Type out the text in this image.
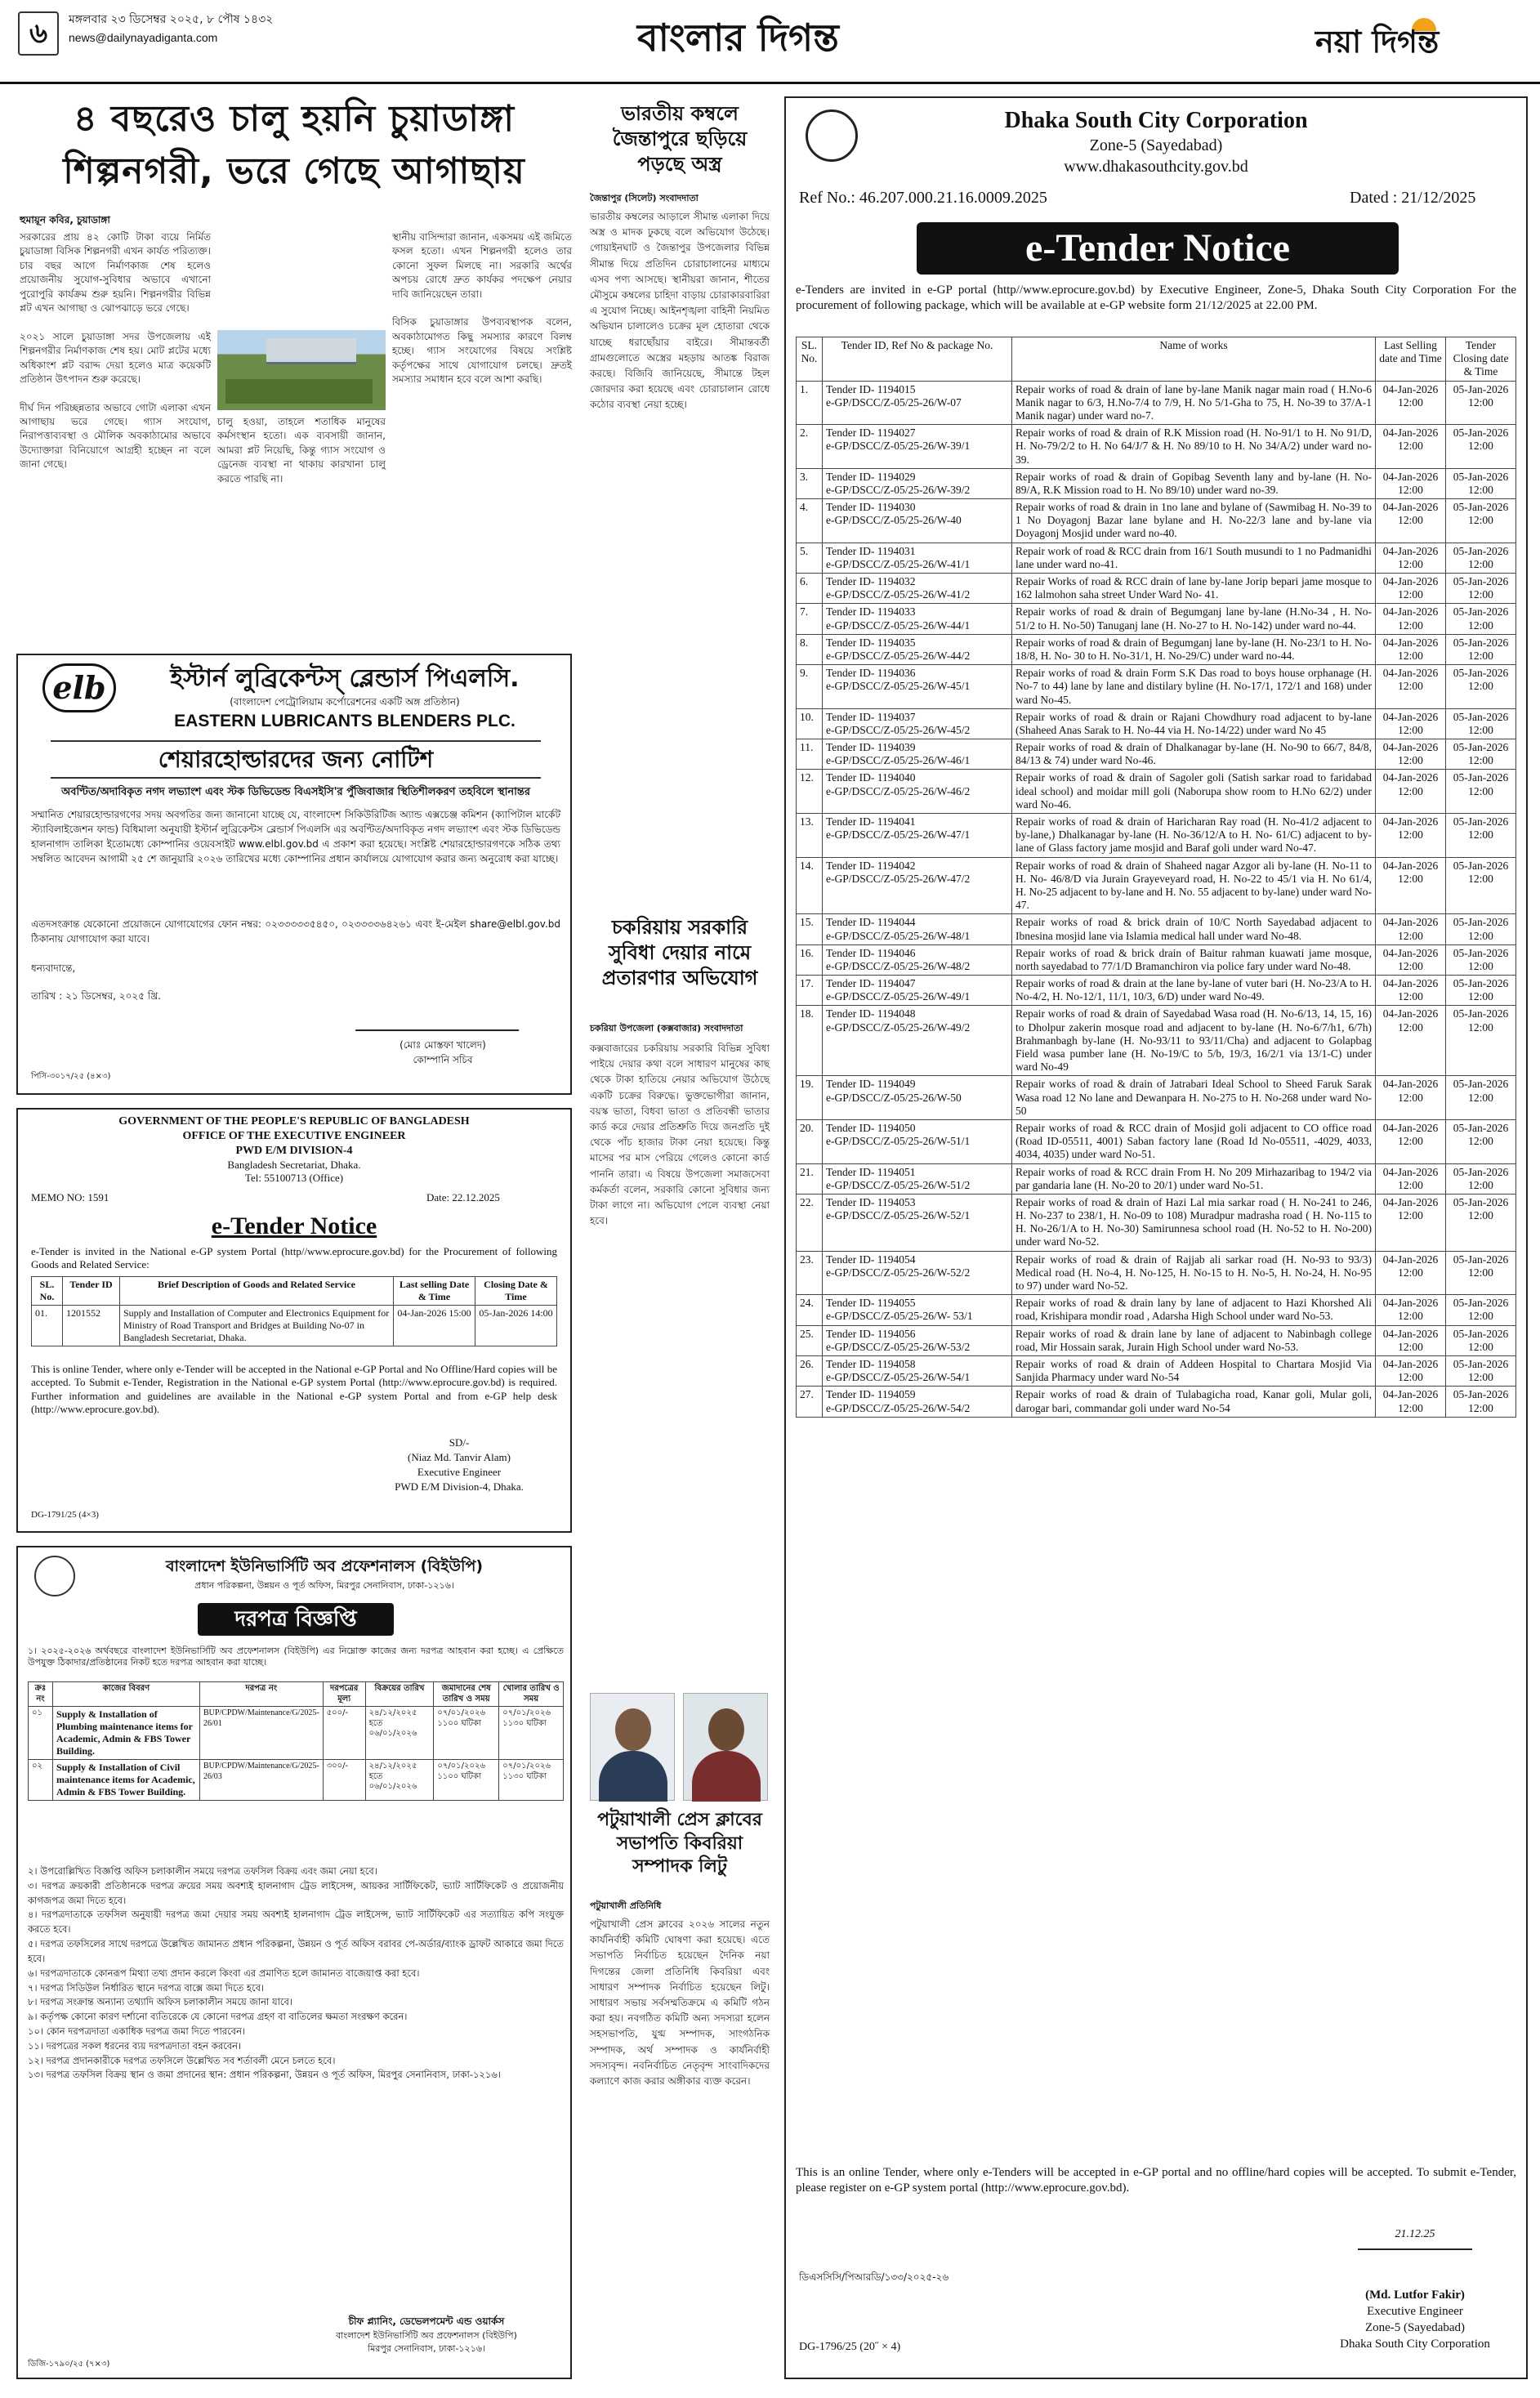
৬	মঙ্গলবার ২৩ ডিসেম্বর ২০২৫, ৮ পৌষ ১৪৩২
news@dailynayadiganta.com	বাংলার দিগন্ত	নয়া দিগন্ত
৪ বছরেও চালু হয়নি চুয়াডাঙ্গা
শিল্পনগরী, ভরে গেছে আগাছায়
হুমায়ূন কবির, চুয়াডাঙ্গা

সরকারের প্রায় ৪২ কোটি টাকা ব্যয়ে নির্মিত চুয়াডাঙ্গা বিসিক শিল্পনগরী এখন কার্যত পরিত্যক্ত। চার বছর আগে নির্মাণকাজ শেষ হলেও প্রয়োজনীয় সুযোগ-সুবিধার অভাবে এখানো পুরোপুরি কার্যক্রম শুরু হয়নি। শিল্পনগরীর বিভিন্ন প্লট এখন আগাছা ও ঝোপঝাড়ে ভরে গেছে।

২০২১ সালে চুয়াডাঙ্গা সদর উপজেলায় এই শিল্পনগরীর নির্মাণকাজ শেষ হয়। মোট প্লটের মধ্যে অধিকাংশ প্লট বরাদ্দ দেয়া হলেও মাত্র কয়েকটি প্রতিষ্ঠান উৎপাদন শুরু করেছে।

দীর্ঘ দিন পরিচ্ছন্নতার অভাবে গোটা এলাকা এখন আগাছায় ভরে গেছে। গ্যাস সংযোগ, নিরাপত্তাব্যবস্থা ও মৌলিক অবকাঠামোর অভাবে উদ্যোক্তারা বিনিয়োগে আগ্রহী হচ্ছেন না বলে জানা গেছে।

চালু হওয়া, তাহলে শতাধিক মানুষের কর্মসংস্থান হতো। এক ব্যবসায়ী জানান, আমরা প্লট নিয়েছি, কিন্তু গ্যাস সংযোগ ও ড্রেনেজ ব্যবস্থা না থাকায় কারখানা চালু করতে পারছি না।

স্থানীয় বাসিন্দারা জানান, একসময় এই জমিতে ফসল হতো। এখন শিল্পনগরী হলেও তার কোনো সুফল মিলছে না। সরকারি অর্থের অপচয় রোধে দ্রুত কার্যকর পদক্ষেপ নেয়ার দাবি জানিয়েছেন তারা।

বিসিক চুয়াডাঙ্গার উপব্যবস্থাপক বলেন, অবকাঠামোগত কিছু সমস্যার কারণে বিলম্ব হচ্ছে। গ্যাস সংযোগের বিষয়ে সংশ্লিষ্ট কর্তৃপক্ষের সাথে যোগাযোগ চলছে। দ্রুতই সমস্যার সমাধান হবে বলে আশা করছি।

elb	ইস্টার্ন লুব্রিকেন্টস্ ব্লেন্ডার্স পিএলসি.
(বাংলাদেশ পেট্রোলিয়াম কর্পোরেশনের একটি অঙ্গ প্রতিষ্ঠান)
EASTERN LUBRICANTS BLENDERS PLC.
শেয়ারহোল্ডারদের জন্য নোটিশ
অবণ্টিত/অদাবিকৃত নগদ লভ্যাংশ এবং স্টক ডিভিডেন্ড বিএসইসি'র পুঁজিবাজার স্থিতিশীলকরণ তহবিলে স্থানান্তর
সম্মানিত শেয়ারহোল্ডারগণের সদয় অবগতির জন্য জানানো যাচ্ছে যে, বাংলাদেশ সিকিউরিটিজ অ্যান্ড এক্সচেঞ্জ কমিশন (ক্যাপিটাল মার্কেট স্ট্যাবিলাইজেশন ফান্ড) বিধিমালা অনুযায়ী ইস্টার্ন লুব্রিকেন্টস ব্লেন্ডার্স পিএলসি এর অবণ্টিত/অদাবিকৃত নগদ লভ্যাংশ এবং স্টক ডিভিডেন্ড হালনাগাদ তালিকা ইতোমধ্যে কোম্পানির ওয়েবসাইট www.elbl.gov.bd এ প্রকাশ করা হয়েছে। সংশ্লিষ্ট শেয়ারহোল্ডারগণকে সঠিক তথ্য সম্বলিত আবেদন আগামী ২৫ শে জানুয়ারি ২০২৬ তারিখের মধ্যে কোম্পানির প্রধান কার্যালয়ে যোগাযোগ করার জন্য অনুরোধ করা যাচ্ছে।
এতদসংক্রান্ত যেকোনো প্রয়োজনে যোগাযোগের ফোন নম্বর: ০২৩৩৩৩৩৫৪৫০, ০২৩৩৩৩৬৪২৬১ এবং ই-মেইল share@elbl.gov.bd ঠিকানায় যোগাযোগ করা যাবে।
ধন্যবাদান্তে,
তারিখ : ২১ ডিসেম্বর, ২০২৫ খ্রি.
(মোঃ মোস্তফা খালেদ)
কোম্পানি সচিব
পিসি-৩০১৭/২৫ (৪×৩)
GOVERNMENT OF THE PEOPLE'S REPUBLIC OF BANGLADESH
OFFICE OF THE EXECUTIVE ENGINEER
PWD E/M DIVISION-4
Bangladesh Secretariat, Dhaka.
Tel: 55100713 (Office)
MEMO NO: 1591	Date: 22.12.2025
e-Tender Notice
e-Tender is invited in the National e-GP system Portal (http//www.eprocure.gov.bd) for the Procurement of following Goods and Related Service:
SL. No.	Tender ID	Brief Description of Goods and Related Service	Last selling Date & Time	Closing Date & Time
01.	1201552	Supply and Installation of Computer and Electronics Equipment for Ministry of Road Transport and Bridges at Building No-07 in Bangladesh Secretariat, Dhaka.	04-Jan-2026 15:00	05-Jan-2026 14:00
This is online Tender, where only e-Tender will be accepted in the National e-GP Portal and No Offline/Hard copies will be accepted. To Submit e-Tender, Registration in the National e-GP system Portal (http://www.eprocure.gov.bd) is required. Further information and guidelines are available in the National e-GP system Portal and from e-GP help desk (http://www.eprocure.gov.bd).
SD/-
(Niaz Md. Tanvir Alam)
Executive Engineer
PWD E/M Division-4, Dhaka.
DG-1791/25 (4×3)
বাংলাদেশ ইউনিভার্সিটি অব প্রফেশনালস (বিইউপি)
প্রধান পরিকল্পনা, উন্নয়ন ও পূর্ত অফিস, মিরপুর সেনানিবাস, ঢাকা-১২১৬।
দরপত্র বিজ্ঞপ্তি
১। ২০২৫-২০২৬ অর্থবছরে বাংলাদেশ ইউনিভার্সিটি অব প্রফেশনালস (বিইউপি) এর নিম্নোক্ত কাজের জন্য দরপত্র আহবান করা হচ্ছে। এ প্রেক্ষিতে উপযুক্ত ঠিকাদার/প্রতিষ্ঠানের নিকট হতে দরপত্র আহবান করা যাচ্ছে।
ক্রঃ নং	কাজের বিবরণ	দরপত্র নং	দরপত্রের মূল্য	বিক্রয়ের তারিখ	জমাদানের শেষ তারিখ ও সময়	খোলার তারিখ ও সময়
০১	Supply & Installation of Plumbing maintenance items for Academic, Admin & FBS Tower Building.	BUP/CPDW/Maintenance/G/2025-26/01	৫০০/-	২৪/১২/২০২৫ হতে ০৬/০১/২০২৬	০৭/০১/২০২৬ ১১০০ ঘটিকা	০৭/০১/২০২৬ ১১৩০ ঘটিকা
০২	Supply & Installation of Civil maintenance items for Academic, Admin & FBS Tower Building.	BUP/CPDW/Maintenance/G/2025-26/03	৩০০/-	২৪/১২/২০২৫ হতে ০৬/০১/২০২৬	০৭/০১/২০২৬ ১১০০ ঘটিকা	০৭/০১/২০২৬ ১১৩০ ঘটিকা

২। উপরোল্লিখিত বিজ্ঞপ্তি অফিস চলাকালীন সময়ে দরপত্র তফসিল বিক্রয় এবং জমা নেয়া হবে।

৩। দরপত্র ক্রয়কারী প্রতিষ্ঠানকে দরপত্র ক্রয়ের সময় অবশ্যই হালনাগাদ ট্রেড লাইসেন্স, আয়কর সার্টিফিকেট, ভ্যাট সার্টিফিকেট ও প্রয়োজনীয় কাগজপত্র জমা দিতে হবে।

৪। দরপত্রদাতাকে তফসিল অনুযায়ী দরপত্র জমা দেয়ার সময় অবশ্যই হালনাগাদ ট্রেড লাইসেন্স, ভ্যাট সার্টিফিকেট এর সত্যায়িত কপি সংযুক্ত করতে হবে।

৫। দরপত্র তফসিলের সাথে দরপত্রে উল্লেখিত জামানত প্রধান পরিকল্পনা, উন্নয়ন ও পূর্ত অফিস বরাবর পে-অর্ডার/ব্যাংক ড্রাফট আকারে জমা দিতে হবে।

৬। দরপত্রদাতাকে কোনরূপ মিথ্যা তথ্য প্রদান করলে কিংবা এর প্রমাণিত হলে জামানত বাজেয়াপ্ত করা হবে।

৭। দরপত্র সিডিউল নির্ধারিত স্থানে দরপত্র বাক্সে জমা দিতে হবে।

৮। দরপত্র সংক্রান্ত অন্যান্য তথ্যাদি অফিস চলাকালীন সময়ে জানা যাবে।

৯। কর্তৃপক্ষ কোনো কারণ দর্শানো ব্যতিরেকে যে কোনো দরপত্র গ্রহণ বা বাতিলের ক্ষমতা সংরক্ষণ করেন।

১০। কোন দরপত্রদাতা একাধিক দরপত্র জমা দিতে পারবেন।

১১। দরপত্রের সকল ধরনের ব্যয় দরপত্রদাতা বহন করবেন।

১২। দরপত্র প্রদানকারীকে দরপত্র তফসিলে উল্লেখিত সব শর্তাবলী মেনে চলতে হবে।

১৩। দরপত্র তফসিল বিক্রয় স্থান ও জমা প্রদানের স্থান: প্রধান পরিকল্পনা, উন্নয়ন ও পূর্ত অফিস, মিরপুর সেনানিবাস, ঢাকা-১২১৬।

চীফ প্ল্যানিং, ডেভেলপমেন্ট এন্ড ওয়ার্কস
বাংলাদেশ ইউনিভার্সিটি অব প্রফেশনালস (বিইউপি)
মিরপুর সেনানিবাস, ঢাকা-১২১৬।
ডিজি-১৭৯০/২৫ (৭×৩)
ভারতীয় কম্বলে জৈন্তাপুরে ছড়িয়ে পড়ছে অস্ত্র
জৈন্তাপুর (সিলেট) সংবাদদাতা
ভারতীয় কম্বলের আড়ালে সীমান্ত এলাকা দিয়ে অস্ত্র ও মাদক ঢুকছে বলে অভিযোগ উঠেছে। গোয়াইনঘাট ও জৈন্তাপুর উপজেলার বিভিন্ন সীমান্ত দিয়ে প্রতিদিন চোরাচালানের মাধ্যমে এসব পণ্য আসছে। স্থানীয়রা জানান, শীতের মৌসুমে কম্বলের চাহিদা বাড়ায় চোরাকারবারিরা এ সুযোগ নিচ্ছে। আইনশৃঙ্খলা বাহিনী নিয়মিত অভিযান চালালেও চক্রের মূল হোতারা থেকে যাচ্ছে ধরাছোঁয়ার বাইরে। সীমান্তবর্তী গ্রামগুলোতে অস্ত্রের মহড়ায় আতঙ্ক বিরাজ করছে। বিজিবি জানিয়েছে, সীমান্তে টহল জোরদার করা হয়েছে এবং চোরাচালান রোধে কঠোর ব্যবস্থা নেয়া হচ্ছে।
চকরিয়ায় সরকারি সুবিধা দেয়ার নামে প্রতারণার অভিযোগ
চকরিয়া উপজেলা (কক্সবাজার) সংবাদদাতা
কক্সবাজারের চকরিয়ায় সরকারি বিভিন্ন সুবিধা পাইয়ে দেয়ার কথা বলে সাধারণ মানুষের কাছ থেকে টাকা হাতিয়ে নেয়ার অভিযোগ উঠেছে একটি চক্রের বিরুদ্ধে। ভুক্তভোগীরা জানান, বয়স্ক ভাতা, বিধবা ভাতা ও প্রতিবন্ধী ভাতার কার্ড করে দেয়ার প্রতিশ্রুতি দিয়ে জনপ্রতি দুই থেকে পাঁচ হাজার টাকা নেয়া হয়েছে। কিন্তু মাসের পর মাস পেরিয়ে গেলেও কোনো কার্ড পাননি তারা। এ বিষয়ে উপজেলা সমাজসেবা কর্মকর্তা বলেন, সরকারি কোনো সুবিধার জন্য টাকা লাগে না। অভিযোগ পেলে ব্যবস্থা নেয়া হবে।
পটুয়াখালী প্রেস ক্লাবের সভাপতি কিবরিয়া সম্পাদক লিটু
পটুয়াখালী প্রতিনিধি
পটুয়াখালী প্রেস ক্লাবের ২০২৬ সালের নতুন কার্যনির্বাহী কমিটি ঘোষণা করা হয়েছে। এতে সভাপতি নির্বাচিত হয়েছেন দৈনিক নয়া দিগন্তের জেলা প্রতিনিধি কিবরিয়া এবং সাধারণ সম্পাদক নির্বাচিত হয়েছেন লিটু। সাধারণ সভায় সর্বসম্মতিক্রমে এ কমিটি গঠন করা হয়। নবগঠিত কমিটি অন্য সদস্যরা হলেন সহসভাপতি, যুগ্ম সম্পাদক, সাংগঠনিক সম্পাদক, অর্থ সম্পাদক ও কার্যনির্বাহী সদস্যবৃন্দ। নবনির্বাচিত নেতৃবৃন্দ সাংবাদিকদের কল্যাণে কাজ করার অঙ্গীকার ব্যক্ত করেন।
Dhaka South City Corporation
Zone-5 (Sayedabad)
www.dhakasouthcity.gov.bd
Ref No.: 46.207.000.21.16.0009.2025	Dated : 21/12/2025
e-Tender Notice
e-Tenders are invited in e-GP portal (http//www.eprocure.gov.bd) by Executive Engineer, Zone-5, Dhaka South City Corporation For the procurement of following package, which will be available at e-GP website form 21/12/2025 at 22.00 PM.
SL. No.	Tender ID, Ref No & package No.	Name of works	Last Selling date and Time	Tender Closing date & Time

1.	Tender ID- 1194015
e-GP/DSCC/Z-05/25-26/W-07	Repair works of road & drain of lane by-lane Manik nagar main road ( H.No-6 Manik nagar to 6/3, H.No-7/4 to 7/9, H. No 5/1-Gha to 75, H. No-39 to 37/A-1 Manik nagar) under ward no-7.	04-Jan-2026 12:00	05-Jan-2026 12:00

2.	Tender ID- 1194027
e-GP/DSCC/Z-05/25-26/W-39/1	Repair works of road & drain of R.K Mission road (H. No-91/1 to H. No 91/D, H. No-79/2/2 to H. No 64/J/7 & H. No 89/10 to H. No 34/A/2) under ward no-39.	04-Jan-2026 12:00	05-Jan-2026 12:00

3.	Tender ID- 1194029
e-GP/DSCC/Z-05/25-26/W-39/2	Repair works of road & drain of Gopibag Seventh lany and by-lane (H. No-89/A, R.K Mission road to H. No 89/10) under ward no-39.	04-Jan-2026 12:00	05-Jan-2026 12:00

4.	Tender ID- 1194030
e-GP/DSCC/Z-05/25-26/W-40	Repair works of road & drain in 1no lane and bylane of (Sawmibag H. No-39 to 1 No Doyagonj Bazar lane bylane and H. No-22/3 lane and by-lane via Doyagonj Mosjid under ward no-40.	04-Jan-2026 12:00	05-Jan-2026 12:00

5.	Tender ID- 1194031
e-GP/DSCC/Z-05/25-26/W-41/1	Repair work of road & RCC drain from 16/1 South musundi to 1 no Padmanidhi lane under ward no-41.	04-Jan-2026 12:00	05-Jan-2026 12:00

6.	Tender ID- 1194032
e-GP/DSCC/Z-05/25-26/W-41/2	Repair Works of road & RCC drain of lane by-lane Jorip bepari jame mosque to 162 lalmohon saha street Under Ward No- 41.	04-Jan-2026 12:00	05-Jan-2026 12:00

7.	Tender ID- 1194033
e-GP/DSCC/Z-05/25-26/W-44/1	Repair works of road & drain of Begumganj lane by-lane (H.No-34 , H. No-51/2 to H. No-50) Tanuganj lane (H. No-27 to H. No-142) under ward no-44.	04-Jan-2026 12:00	05-Jan-2026 12:00

8.	Tender ID- 1194035
e-GP/DSCC/Z-05/25-26/W-44/2	Repair works of road & drain of Begumganj lane by-lane (H. No-23/1 to H. No-18/8, H. No- 30 to H. No-31/1, H. No-29/C) under ward no-44.	04-Jan-2026 12:00	05-Jan-2026 12:00

9.	Tender ID- 1194036
e-GP/DSCC/Z-05/25-26/W-45/1	Repair works of road & drain Form S.K Das road to boys house orphanage (H. No-7 to 44) lane by lane and distilary byline (H. No-17/1, 172/1 and 168) under ward No-45.	04-Jan-2026 12:00	05-Jan-2026 12:00

10.	Tender ID- 1194037
e-GP/DSCC/Z-05/25-26/W-45/2	Repair works of road & drain or Rajani Chowdhury road adjacent to by-lane (Shaheed Anas Sarak to H. No-44 via H. No-14/22) under ward No 45	04-Jan-2026 12:00	05-Jan-2026 12:00

11.	Tender ID- 1194039
e-GP/DSCC/Z-05/25-26/W-46/1	Repair works of road & drain of Dhalkanagar by-lane (H. No-90 to 66/7, 84/8, 84/13 & 74) under ward No-46.	04-Jan-2026 12:00	05-Jan-2026 12:00

12.	Tender ID- 1194040
e-GP/DSCC/Z-05/25-26/W-46/2	Repair works of road & drain of Sagoler goli (Satish sarkar road to faridabad ideal school) and moidar mill goli (Naborupa show room to H.No 62/2) under ward No-46.	04-Jan-2026 12:00	05-Jan-2026 12:00

13.	Tender ID- 1194041
e-GP/DSCC/Z-05/25-26/W-47/1	Repair works of road & drain of Haricharan Ray road (H. No-41/2 adjacent to by-lane,) Dhalkanagar by-lane (H. No-36/12/A to H. No- 61/C) adjacent to by-lane of Glass factory jame mosjid and Baraf goli under ward No-47.	04-Jan-2026 12:00	05-Jan-2026 12:00

14.	Tender ID- 1194042
e-GP/DSCC/Z-05/25-26/W-47/2	Repair works of road & drain of Shaheed nagar Azgor ali by-lane (H. No-11 to H. No- 46/8/D via Jurain Grayeveyard road, H. No-22 to 45/1 via H. No 61/4, H. No-25 adjacent to by-lane and H. No. 55 adjacent to by-lane) under ward No-47.	04-Jan-2026 12:00	05-Jan-2026 12:00

15.	Tender ID- 1194044
e-GP/DSCC/Z-05/25-26/W-48/1	Repair works of road & brick drain of 10/C North Sayedabad adjacent to Ibnesina mosjid lane via Islamia medical hall under ward No-48.	04-Jan-2026 12:00	05-Jan-2026 12:00

16.	Tender ID- 1194046
e-GP/DSCC/Z-05/25-26/W-48/2	Repair works of road & brick drain of Baitur rahman kuawati jame mosque, north sayedabad to 77/1/D Bramanchiron via police fary under ward No-48.	04-Jan-2026 12:00	05-Jan-2026 12:00

17.	Tender ID- 1194047
e-GP/DSCC/Z-05/25-26/W-49/1	Repair works of road & drain at the lane by-lane of vuter bari (H. No-23/A to H. No-4/2, H. No-12/1, 11/1, 10/3, 6/D) under ward No-49.	04-Jan-2026 12:00	05-Jan-2026 12:00

18.	Tender ID- 1194048
e-GP/DSCC/Z-05/25-26/W-49/2	Repair works of road & drain of Sayedabad Wasa road (H. No-6/13, 14, 15, 16) to Dholpur zakerin mosque road and adjacent to by-lane (H. No-6/7/h1, 6/7h) Brahmanbagh by-lane (H. No-93/11 to 93/11/Cha) and adjacent to Golapbag Field wasa pumber lane (H. No-19/C to 5/b, 19/3, 16/2/1 via 13/1-C) under ward No-49	04-Jan-2026 12:00	05-Jan-2026 12:00

19.	Tender ID- 1194049
e-GP/DSCC/Z-05/25-26/W-50	Repair works of road & drain of Jatrabari Ideal School to Sheed Faruk Sarak Wasa road 12 No lane and Dewanpara H. No-275 to H. No-268 under ward No-50	04-Jan-2026 12:00	05-Jan-2026 12:00

20.	Tender ID- 1194050
e-GP/DSCC/Z-05/25-26/W-51/1	Repair works of road & RCC drain of Mosjid goli adjacent to CO office road (Road ID-05511, 4001) Saban factory lane (Road Id No-05511, -4029, 4033, 4034, 4035) under ward No-51.	04-Jan-2026 12:00	05-Jan-2026 12:00

21.	Tender ID- 1194051
e-GP/DSCC/Z-05/25-26/W-51/2	Repair works of road & RCC drain From H. No 209 Mirhazaribag to 194/2 via par gandaria lane (H. No-20 to 20/1) under ward No-51.	04-Jan-2026 12:00	05-Jan-2026 12:00

22.	Tender ID- 1194053
e-GP/DSCC/Z-05/25-26/W-52/1	Repair works of road & drain of Hazi Lal mia sarkar road ( H. No-241 to 246, H. No-237 to 238/1, H. No-09 to 108) Muradpur madrasha road ( H. No-115 to H. No-26/1/A to H. No-30) Samirunnesa school road (H. No-52 to H. No-200) under ward No-52.	04-Jan-2026 12:00	05-Jan-2026 12:00

23.	Tender ID- 1194054
e-GP/DSCC/Z-05/25-26/W-52/2	Repair works of road & drain of Rajjab ali sarkar road (H. No-93 to 93/3) Medical road (H. No-4, H. No-125, H. No-15 to H. No-5, H. No-24, H. No-95 to 97) under ward No-52.	04-Jan-2026 12:00	05-Jan-2026 12:00

24.	Tender ID- 1194055
e-GP/DSCC/Z-05/25-26/W- 53/1	Repair works of road & drain lany by lane of adjacent to Hazi Khorshed Ali road, Krishipara mondir road , Adarsha High School under ward No-53.	04-Jan-2026 12:00	05-Jan-2026 12:00

25.	Tender ID- 1194056
e-GP/DSCC/Z-05/25-26/W-53/2	Repair works of road & drain lane by lane of adjacent to Nabinbagh college road, Mir Hossain sarak, Jurain High School under ward No-53.	04-Jan-2026 12:00	05-Jan-2026 12:00

26.	Tender ID- 1194058
e-GP/DSCC/Z-05/25-26/W-54/1	Repair works of road & drain of Addeen Hospital to Chartara Mosjid Via Sanjida Pharmacy under ward No-54	04-Jan-2026 12:00	05-Jan-2026 12:00

27.	Tender ID- 1194059
e-GP/DSCC/Z-05/25-26/W-54/2	Repair works of road & drain of Tulabagicha road, Kanar goli, Mular goli, darogar bari, commandar goli under ward No-54	04-Jan-2026 12:00	05-Jan-2026 12:00
This is an online Tender, where only e-Tenders will be accepted in e-GP portal and no offline/hard copies will be accepted. To submit e-Tender, please register on e-GP system portal (http://www.eprocure.gov.bd).
ডিএসসিসি/পিআরডি/১৩৩/২০২৫-২৬
21.12.25
(Md. Lutfor Fakir)
Executive Engineer
Zone-5 (Sayedabad)
Dhaka South City Corporation
DG-1796/25 (20˝ × 4)
